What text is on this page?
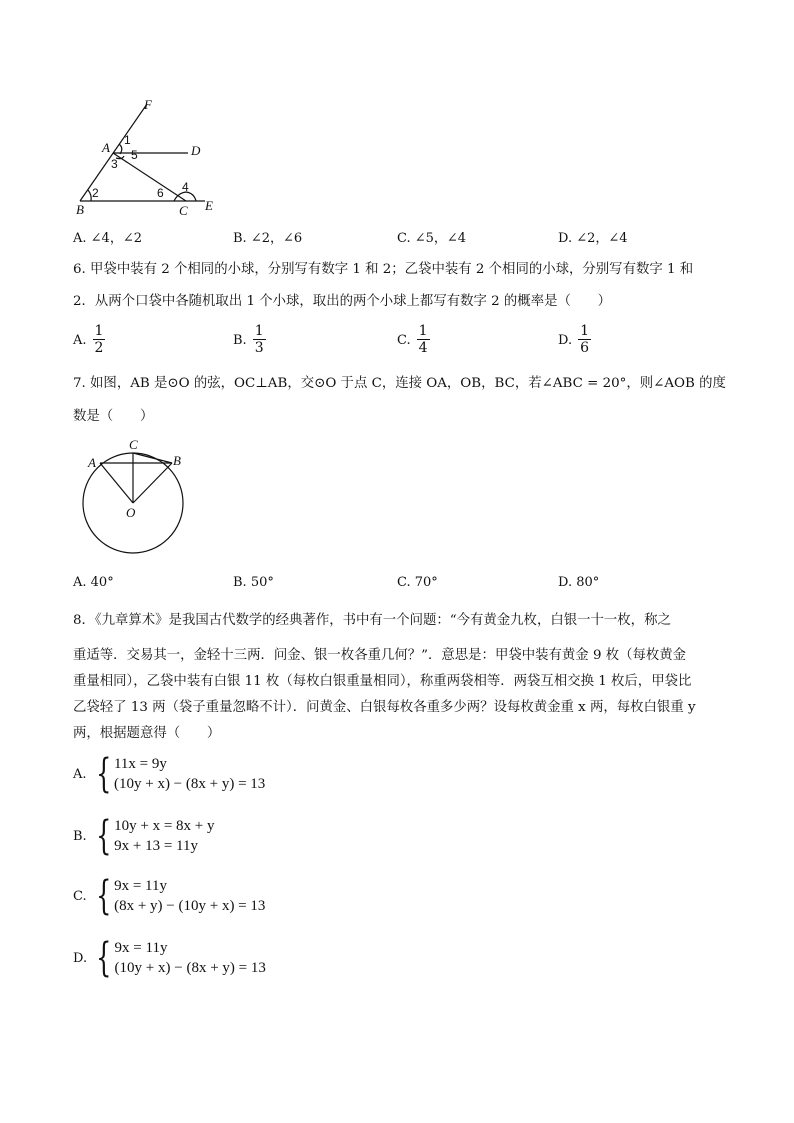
F
A	D
B	C E
1
5
3
2	6 4
A. ∠4，∠2	B. ∠2，∠6	C. ∠5，∠4	D. ∠2，∠4
6. 甲袋中装有 2 个相同的小球，分别写有数字 1 和 2；乙袋中装有 2 个相同的小球，分别写有数字 1 和
2．从两个口袋中各随机取出 1 个小球，取出的两个小球上都写有数字 2 的概率是（　　）
A. $\frac{1}{2}$	B. $\frac{1}{3}$	C. $\frac{1}{4}$	D. $\frac{1}{6}$
7. 如图，AB 是⊙O 的弦，OC⊥AB，交⊙O 于点 C，连接 OA，OB，BC，若∠ABC = 20°，则∠AOB 的度
数是（　　）
C
A	B
O
A. 40°	B. 50°	C. 70°	D. 80°
8．《九章算术》是我国古代数学的经典著作，书中有一个问题：“今有黄金九枚，白银一十一枚，称之
重适等．交易其一，金轻十三两．问金、银一枚各重几何？”．意思是：甲袋中装有黄金 9 枚（每枚黄金
重量相同），乙袋中装有白银 11 枚（每枚白银重量相同），称重两袋相等．两袋互相交换 1 枚后，甲袋比
乙袋轻了 13 两（袋子重量忽略不计）．问黄金、白银每枚各重多少两？设每枚黄金重 x 两，每枚白银重 y
两，根据题意得（　　）
A. { 11x = 9y
(10y + x) − (8x + y) = 13
B. { 10y + x = 8x + y
9x + 13 = 11y
C. { 9x = 11y
(8x + y) − (10y + x) = 13
D. { 9x = 11y
(10y + x) − (8x + y) = 13
